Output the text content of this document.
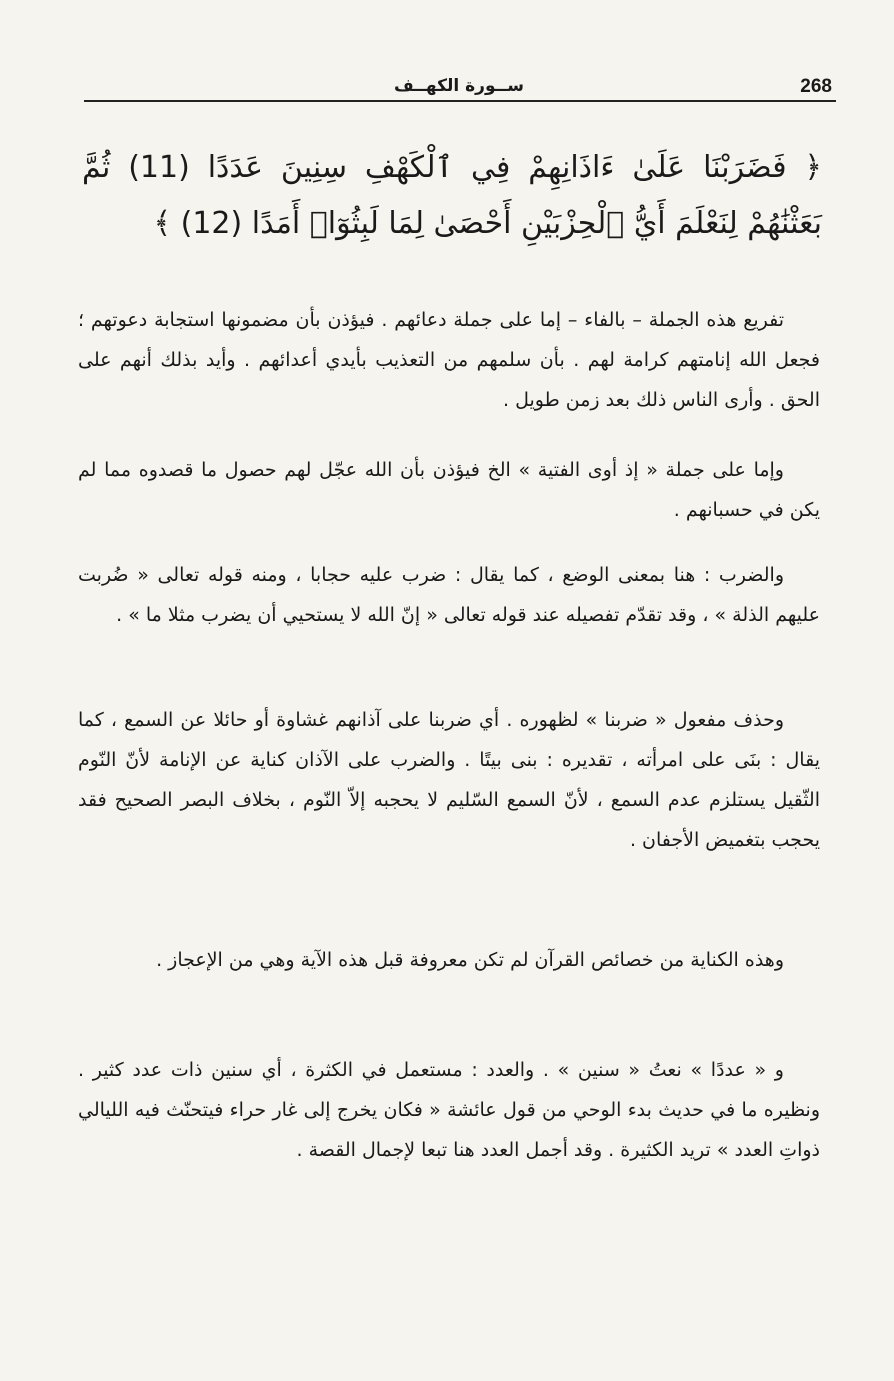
268
ســورة الكهــف
﴿ فَضَرَبْنَا عَلَىٰ ءَاذَانِهِمْ فِي ٱلْكَهْفِ سِنِينَ عَدَدًا (11) ثُمَّ بَعَثْنَٰهُمْ لِنَعْلَمَ أَيُّ ٱلْحِزْبَيْنِ أَحْصَىٰ لِمَا لَبِثُوٓا۟ أَمَدًا (12) ﴾

تفريع هذه الجملة – بالفاء – إما على جملة دعائهم . فيؤذن بأن مضمونها استجابة دعوتهم ؛ فجعل الله إنامتهم كرامة لهم . بأن سلمهم من التعذيب بأيدي أعدائهم . وأيد بذلك أنهم على الحق . وأرى الناس ذلك بعد زمن طويل .

وإما على جملة « إذ أوى الفتية » الخ فيؤذن بأن الله عجّل لهم حصول ما قصدوه مما لم يكن في حسبانهم .

والضرب : هنا بمعنى الوضع ، كما يقال : ضرب عليه حجابا ، ومنه قوله تعالى « ضُربت عليهم الذلة » ، وقد تقدّم تفصيله عند قوله تعالى « إنّ الله لا يستحيي أن يضرب مثلا ما » .

وحذف مفعول « ضربنا » لظهوره . أي ضربنا على آذانهم غشاوة أو حائلا عن السمع ، كما يقال : بنَى على امرأته ، تقديره : بنى بيتًا . والضرب على الآذان كناية عن الإنامة لأنّ النّوم الثّقيل يستلزم عدم السمع ، لأنّ السمع السّليم لا يحجبه إلاّ النّوم ، بخلاف البصر الصحيح فقد يحجب بتغميض الأجفان .

وهذه الكناية من خصائص القرآن لم تكن معروفة قبل هذه الآية وهي من الإعجاز .

و « عددًا » نعتُ « سنين » . والعدد : مستعمل في الكثرة ، أي سنين ذات عدد كثير . ونظيره ما في حديث بدء الوحي من قول عائشة « فكان يخرج إلى غار حراء فيتحنّث فيه الليالي ذواتِ العدد » تريد الكثيرة . وقد أجمل العدد هنا تبعا لإجمال القصة .
